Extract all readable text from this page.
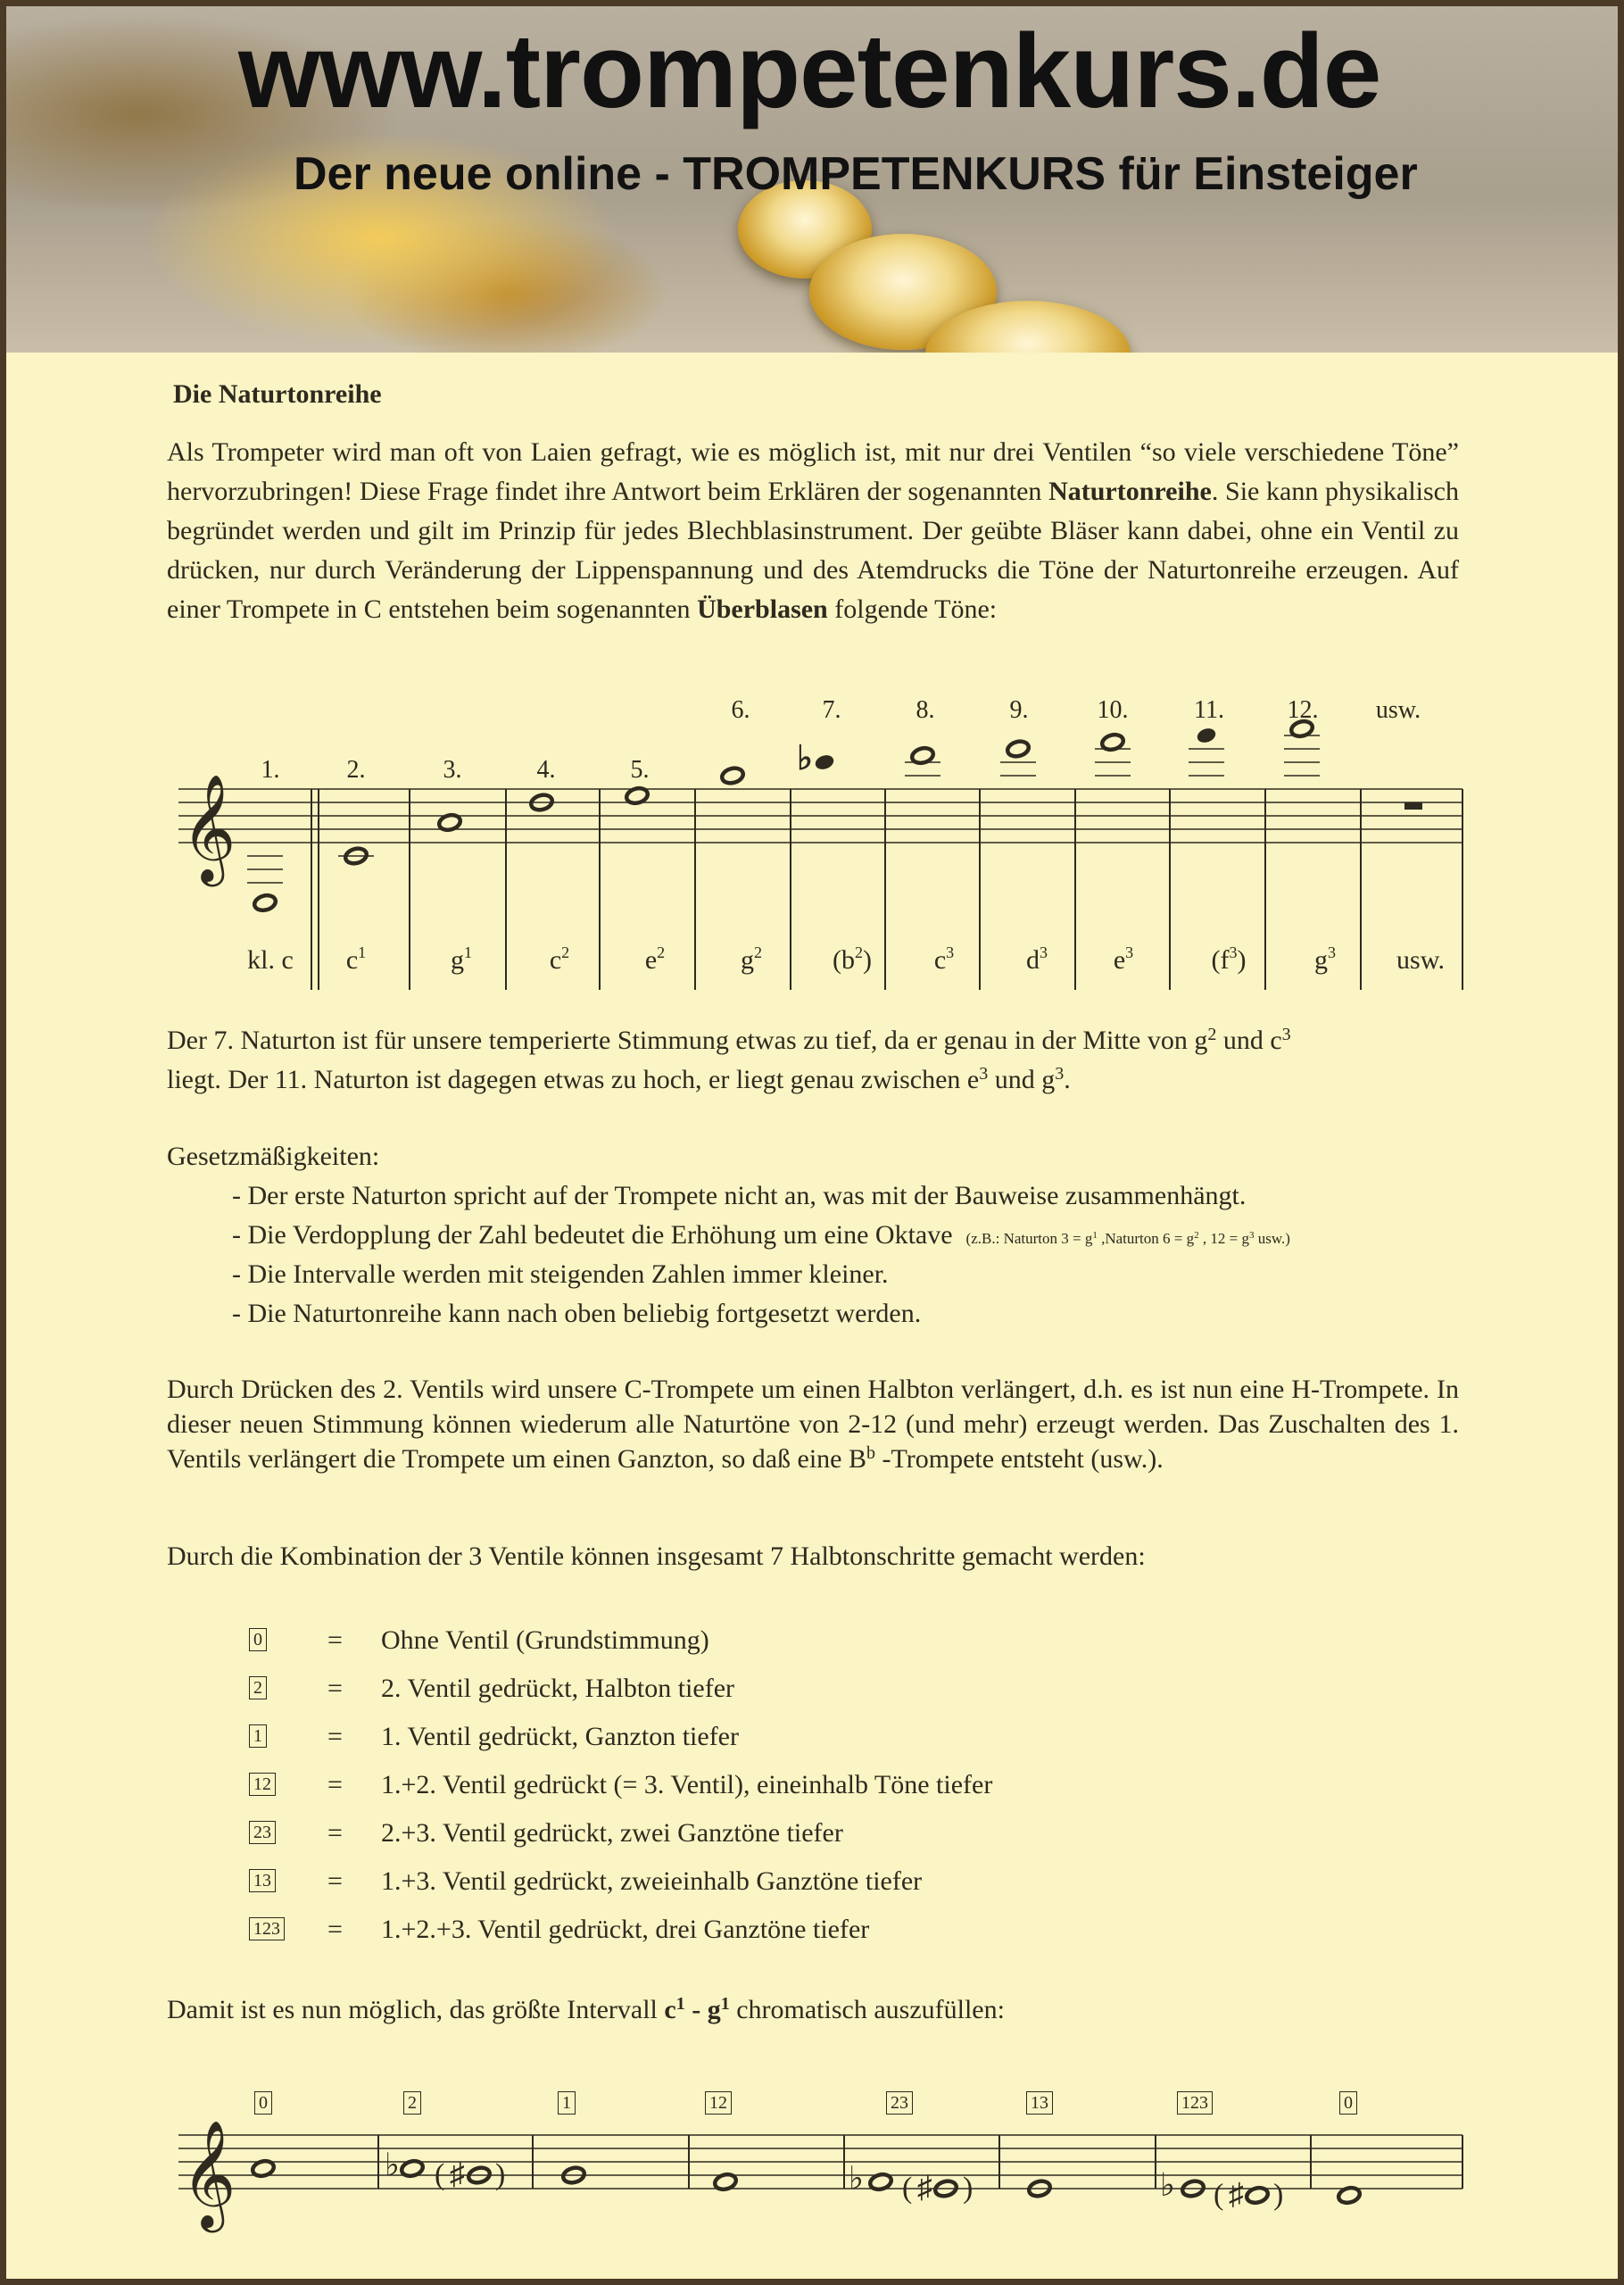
www.trompetenkurs.de
Der neue online - TROMPETENKURS für Einsteiger
Die Naturtonreihe
Als Trompeter wird man oft von Laien gefragt, wie es möglich ist, mit nur drei Ventilen “so viele verschiedene Töne” hervorzubringen! Diese Frage findet ihre Antwort beim Erklären der sogenannten Naturtonreihe. Sie kann physikalisch begründet werden und gilt im Prinzip für jedes Blechblasinstrument. Der geübte Bläser kann dabei, ohne ein Ventil zu drücken, nur durch Veränderung der Lippenspannung und des Atemdrucks die Töne der Naturtonreihe erzeugen. Auf einer Trompete in C entstehen beim sogenannten Überblasen folgende Töne:
1.	2.	3.	4.	5.
6.	7.	8.	9.	10.	11.	12. usw.
𝄞
♭
kl. c $c^1$	$g^1$	$c^2$	$e^2$	$g^2$	$(b^2)$ $c^3$	$d^3$ $e^3$	$(f^3)$	$g^3$ usw.
Der 7. Naturton ist für unsere temperierte Stimmung etwas zu tief, da er genau in der Mitte von $g^2$ und $c^3$
liegt. Der 11. Naturton ist dagegen etwas zu hoch, er liegt genau zwischen $e^3$ und $g^3$.
Gesetzmäßigkeiten:
- Der erste Naturton spricht auf der Trompete nicht an, was mit der Bauweise zusammenhängt.
- Die Verdopplung der Zahl bedeutet die Erhöhung um eine Oktave (z.B.: Naturton $3 = g^1$ ,Naturton $6 = g^2$ , $12 = g^3$ usw.)
- Die Intervalle werden mit steigenden Zahlen immer kleiner.
- Die Naturtonreihe kann nach oben beliebig fortgesetzt werden.
Durch Drücken des 2. Ventils wird unsere C-Trompete um einen Halbton verlängert, d.h. es ist nun eine H-Trompete. In dieser neuen Stimmung können wiederum alle Naturtöne von 2-12 (und mehr) erzeugt werden. Das Zuschalten des 1. Ventils verlängert die Trompete um einen Ganzton, so daß eine $B^b$ -Trompete entsteht (usw.).
Durch die Kombination der 3 Ventile können insgesamt 7 Halbtonschritte gemacht werden:
0 = Ohne Ventil (Grundstimmung)
2 = 2. Ventil gedrückt, Halbton tiefer
1 = 1. Ventil gedrückt, Ganzton tiefer
12 = 1.+2. Ventil gedrückt (= 3. Ventil), eineinhalb Töne tiefer
23 = 2.+3. Ventil gedrückt, zwei Ganztöne tiefer
13 = 1.+3. Ventil gedrückt, zweieinhalb Ganztöne tiefer
123 = 1.+2.+3. Ventil gedrückt, drei Ganztöne tiefer
Damit ist es nun möglich, das größte Intervall $c^1 - g^1$ chromatisch auszufüllen:
0	2	1	12	23	13	123	0
𝄞	♭ ( ♯ )	♭ ( ♯ )	♭ ( ♯ )
